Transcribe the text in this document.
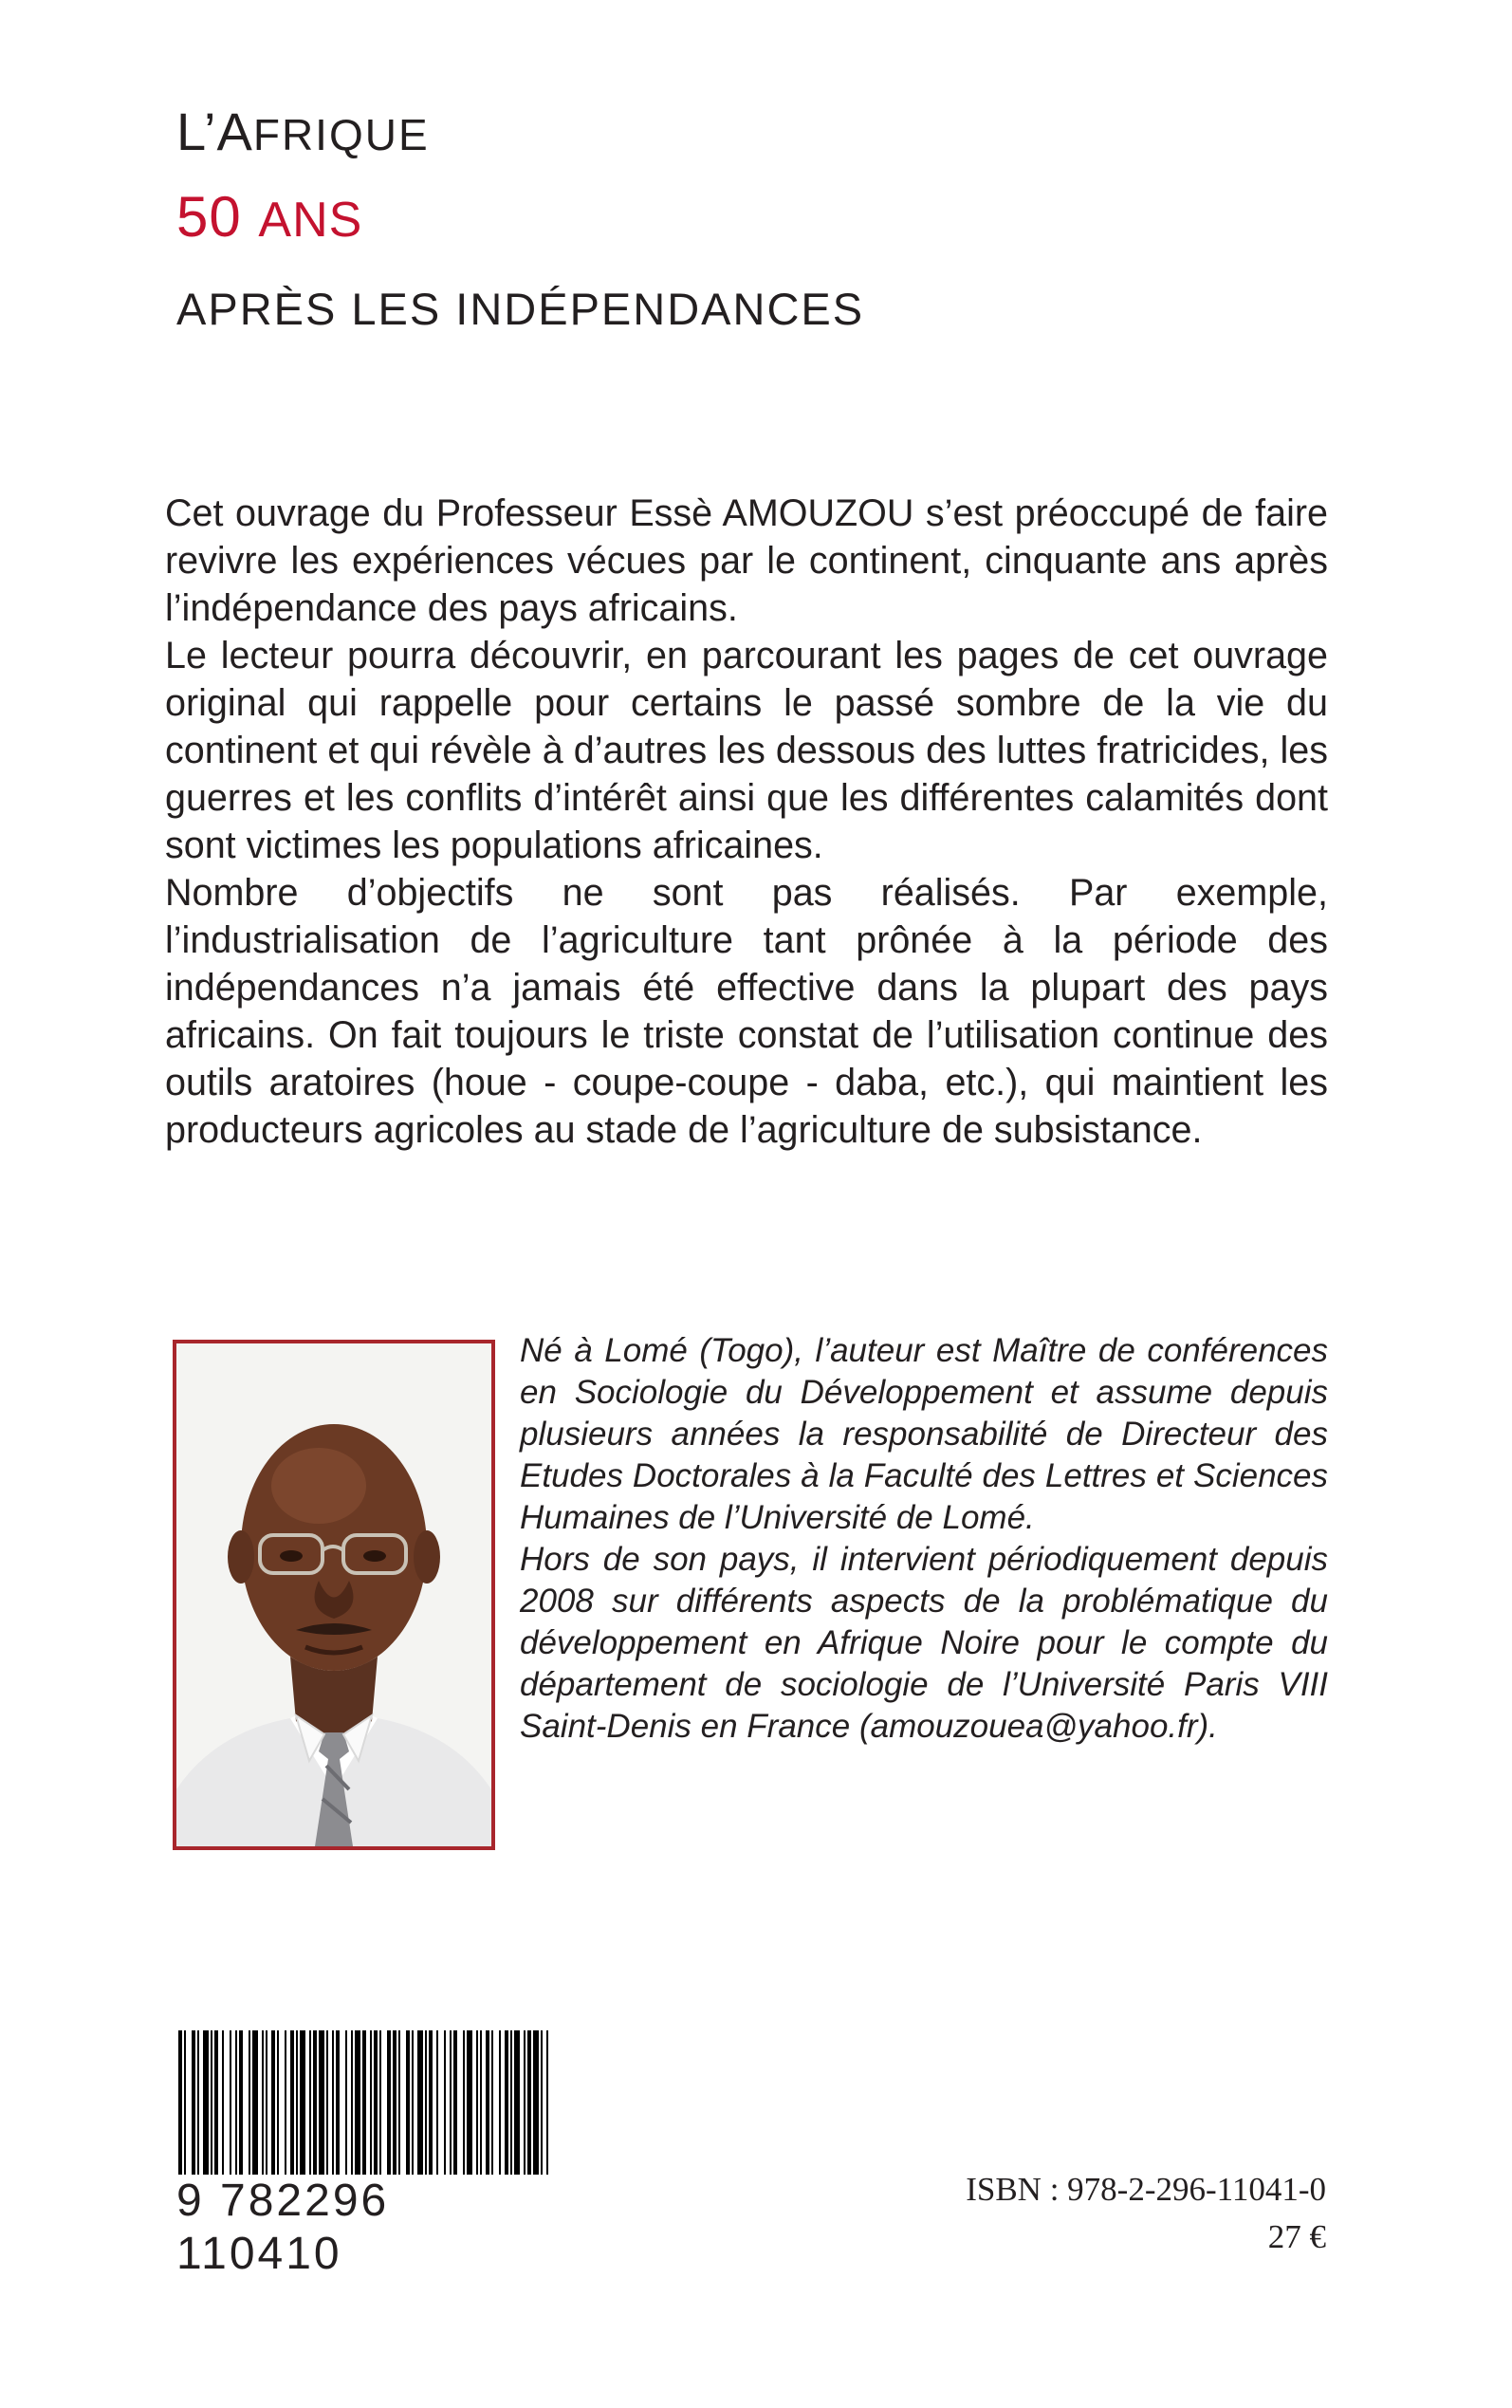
L’AFRIQUE
50 ANS
APRÈS LES INDÉPENDANCES

Cet ouvrage du Professeur Essè AMOUZOU s’est préoccupé de faire revivre les expériences vécues par le continent, cinquante ans après l’indépendance des pays africains.

Le lecteur pourra découvrir, en parcourant les pages de cet ouvrage original qui rappelle pour certains le passé sombre de la vie du continent et qui révèle à d’autres les dessous des luttes fratricides, les guerres et les conflits d’intérêt ainsi que les différentes calamités dont sont victimes les populations africaines.

Nombre d’objectifs ne sont pas réalisés. Par exemple, l’industrialisation de l’agriculture tant prônée à la période des indépendances n’a jamais été effective dans la plupart des pays africains. On fait toujours le triste constat de l’utilisation continue des outils aratoires (houe - coupe-coupe - daba, etc.), qui maintient les producteurs agricoles au stade de l’agriculture de subsistance.

Né à Lomé (Togo), l’auteur est Maître de conférences en Sociologie du Développement et assume depuis plusieurs années la responsabilité de Directeur des Etudes Doctorales à la Faculté des Lettres et Sciences Humaines de l’Université de Lomé.

Hors de son pays, il intervient périodiquement depuis 2008 sur différents aspects de la problématique du développement en Afrique Noire pour le compte du département de sociologie de l’Université Paris VIII Saint-Denis en France (amouzouea@yahoo.fr).

9 782296 110410
ISBN : 978-2-296-11041-0
27 €
